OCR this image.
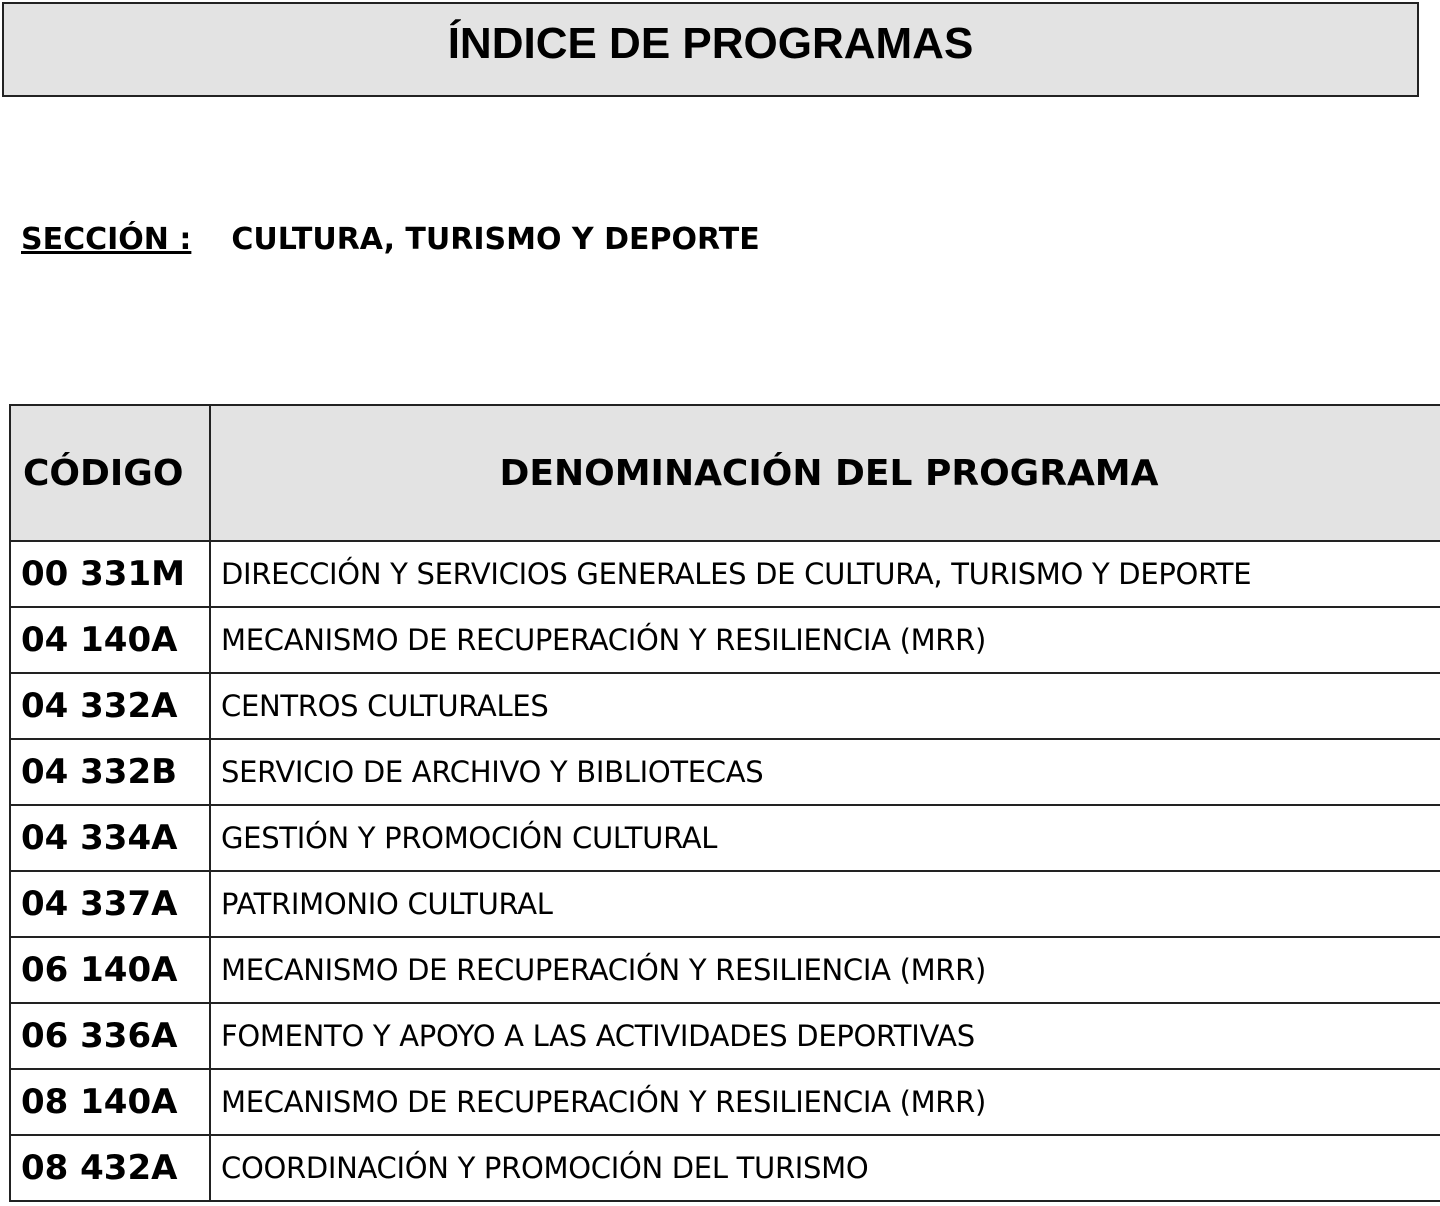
ÍNDICE DE PROGRAMAS
SECCIÓN : CULTURA, TURISMO Y DEPORTE
CÓDIGO	DENOMINACIÓN DEL PROGRAMA
00 331M	DIRECCIÓN Y SERVICIOS GENERALES DE CULTURA, TURISMO Y DEPORTE
04 140A	MECANISMO DE RECUPERACIÓN Y RESILIENCIA (MRR)
04 332A	CENTROS CULTURALES
04 332B	SERVICIO DE ARCHIVO Y BIBLIOTECAS
04 334A	GESTIÓN Y PROMOCIÓN CULTURAL
04 337A	PATRIMONIO CULTURAL
06 140A	MECANISMO DE RECUPERACIÓN Y RESILIENCIA (MRR)
06 336A	FOMENTO Y APOYO A LAS ACTIVIDADES DEPORTIVAS
08 140A	MECANISMO DE RECUPERACIÓN Y RESILIENCIA (MRR)
08 432A	COORDINACIÓN Y PROMOCIÓN DEL TURISMO
